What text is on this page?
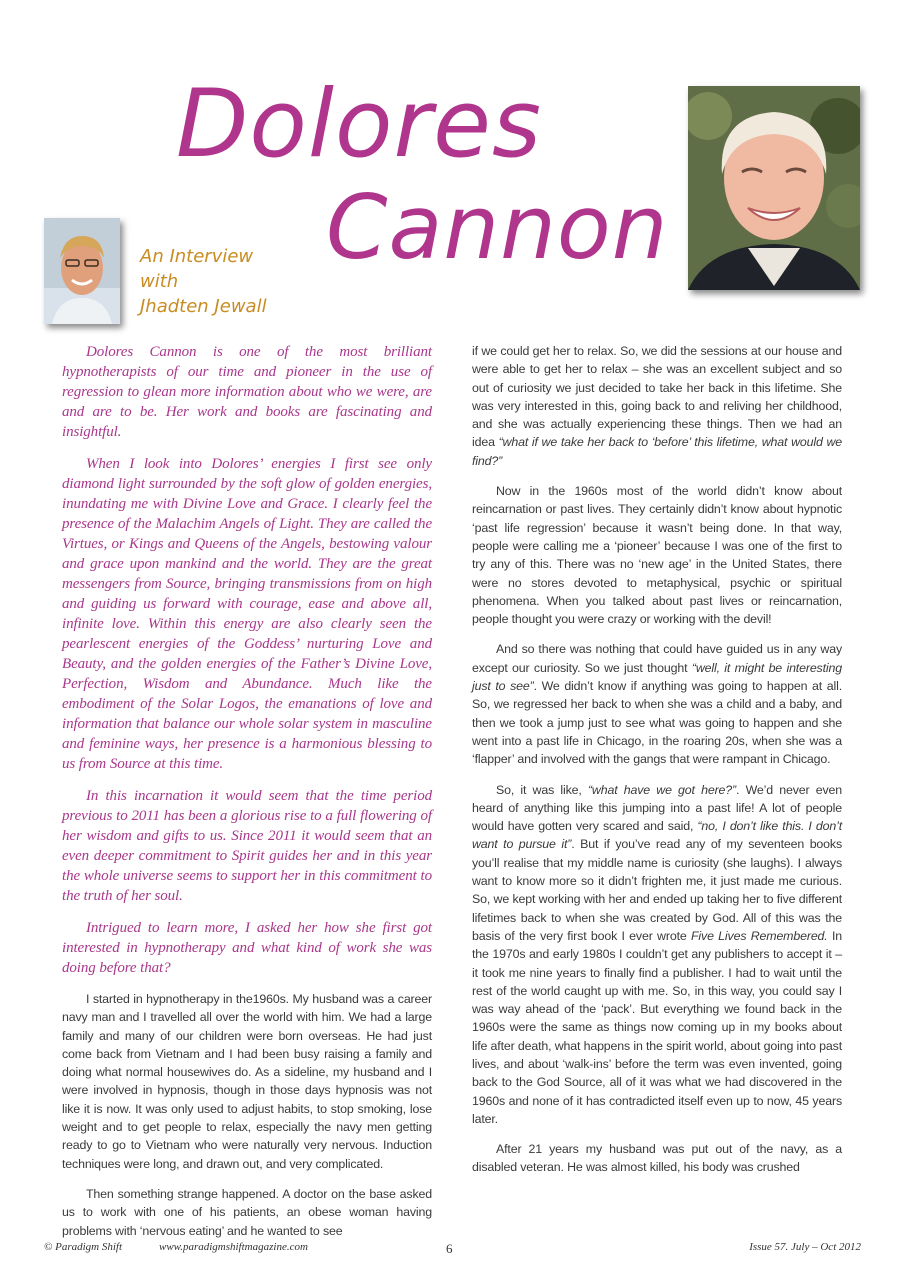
Dolores
Cannon
An Interview
with
Jhadten Jewall

Dolores Cannon is one of the most brilliant hypnotherapists of our time and pioneer in the use of regression to glean more information about who we were, are and are to be. Her work and books are fascinating and insightful.

When I look into Dolores’ energies I first see only diamond light surrounded by the soft glow of golden energies, inundating me with Divine Love and Grace. I clearly feel the presence of the Malachim Angels of Light. They are called the Virtues, or Kings and Queens of the Angels, bestowing valour and grace upon mankind and the world. They are the great messengers from Source, bringing transmissions from on high and guiding us forward with courage, ease and above all, infinite love. Within this energy are also clearly seen the pearlescent energies of the Goddess’ nurturing Love and Beauty, and the golden energies of the Father’s Divine Love, Perfection, Wisdom and Abundance. Much like the embodiment of the Solar Logos, the emanations of love and information that balance our whole solar system in masculine and feminine ways, her presence is a harmonious blessing to us from Source at this time.

In this incarnation it would seem that the time period previous to 2011 has been a glorious rise to a full flowering of her wisdom and gifts to us. Since 2011 it would seem that an even deeper commitment to Spirit guides her and in this year the whole universe seems to support her in this commitment to the truth of her soul.

Intrigued to learn more, I asked her how she first got interested in hypnotherapy and what kind of work she was doing before that?

I started in hypnotherapy in the1960s. My husband was a career navy man and I travelled all over the world with him. We had a large family and many of our children were born overseas. He had just come back from Vietnam and I had been busy raising a family and doing what normal housewives do. As a sideline, my husband and I were involved in hypnosis, though in those days hypnosis was not like it is now. It was only used to adjust habits, to stop smoking, lose weight and to get people to relax, especially the navy men getting ready to go to Vietnam who were naturally very nervous. Induction techniques were long, and drawn out, and very complicated.

Then something strange happened. A doctor on the base asked us to work with one of his patients, an obese woman having problems with ‘nervous eating’ and he wanted to see

if we could get her to relax. So, we did the sessions at our house and were able to get her to relax – she was an excellent subject and so out of curiosity we just decided to take her back in this lifetime. She was very interested in this, going back to and reliving her childhood, and she was actually experiencing these things. Then we had an idea “what if we take her back to ‘before’ this lifetime, what would we find?”

Now in the 1960s most of the world didn’t know about reincarnation or past lives. They certainly didn’t know about hypnotic ‘past life regression’ because it wasn’t being done. In that way, people were calling me a ‘pioneer’ because I was one of the first to try any of this. There was no ‘new age’ in the United States, there were no stores devoted to metaphysical, psychic or spiritual phenomena. When you talked about past lives or reincarnation, people thought you were crazy or working with the devil!

And so there was nothing that could have guided us in any way except our curiosity. So we just thought “well, it might be interesting just to see”. We didn’t know if anything was going to happen at all. So, we regressed her back to when she was a child and a baby, and then we took a jump just to see what was going to happen and she went into a past life in Chicago, in the roaring 20s, when she was a ‘flapper’ and involved with the gangs that were rampant in Chicago.

So, it was like, “what have we got here?”. We’d never even heard of anything like this jumping into a past life! A lot of people would have gotten very scared and said, “no, I don’t like this. I don’t want to pursue it”. But if you’ve read any of my seventeen books you’ll realise that my middle name is curiosity (she laughs). I always want to know more so it didn’t frighten me, it just made me curious. So, we kept working with her and ended up taking her to five different lifetimes back to when she was created by God. All of this was the basis of the very first book I ever wrote Five Lives Remembered. In the 1970s and early 1980s I couldn’t get any publishers to accept it – it took me nine years to finally find a publisher. I had to wait until the rest of the world caught up with me. So, in this way, you could say I was way ahead of the ‘pack’. But everything we found back in the 1960s were the same as things now coming up in my books about life after death, what happens in the spirit world, about going into past lives, and about ‘walk-ins’ before the term was even invented, going back to the God Source, all of it was what we had discovered in the 1960s and none of it has contradicted itself even up to now, 45 years later.

After 21 years my husband was put out of the navy, as a disabled veteran. He was almost killed, his body was crushed

© Paradigm Shift	www.paradigmshiftmagazine.com	6	Issue 57. July – Oct 2012
